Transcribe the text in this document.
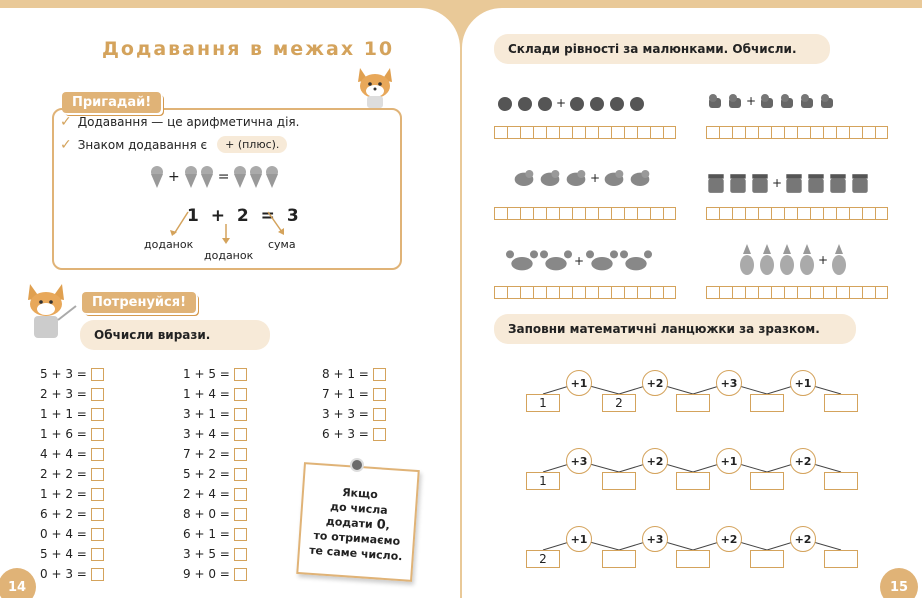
Додавання в межах 10
Пригадай!
✓ Додавання — це арифметична дія.
✓ Знаком додавання є	+ (плюс).
+	=
1 + 2 = 3
доданок
доданок
сума
Потренуйся!
Обчисли вирази.
5 + 3 =
2 + 3 =
1 + 1 =
1 + 6 =
4 + 4 =
2 + 2 =
1 + 2 =
6 + 2 =
0 + 4 =
5 + 4 =
0 + 3 =
1 + 5 =
1 + 4 =
3 + 1 =
3 + 4 =
7 + 2 =
5 + 2 =
2 + 4 =
8 + 0 =
6 + 1 =
3 + 5 =
9 + 0 =
8 + 1 =
7 + 1 =
3 + 3 =
6 + 3 =
Якщо
до числа
додати 0,
то отримаємо
те саме число.
14
Склади рівності за малюнками. Обчисли.
+	+
+	+
+	+
Заповни математичні ланцюжки за зразком.
+1	+2	+3	+1
1	2
+3	+2	+1	+2
1
+1	+3	+2	+2
2
15
